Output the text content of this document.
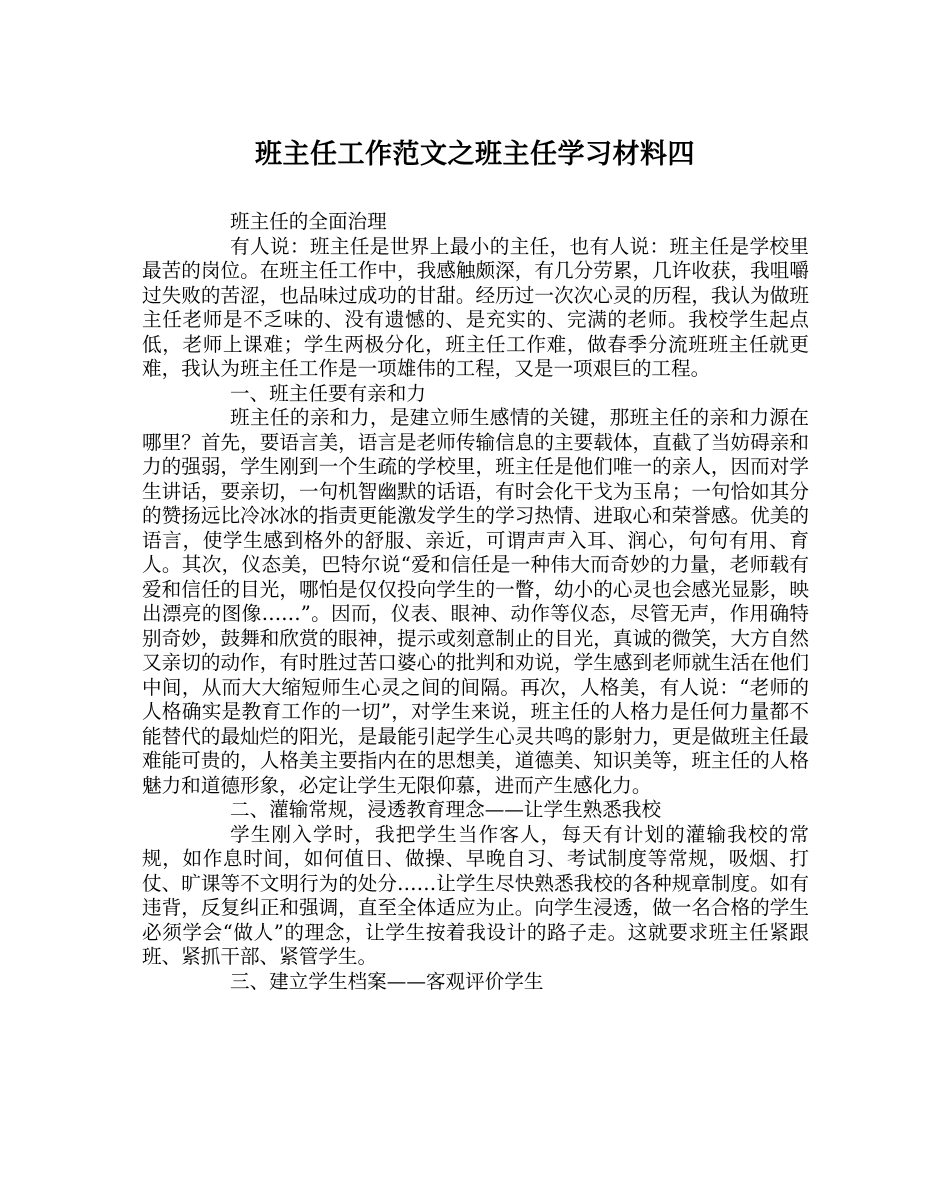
班主任工作范文之班主任学习材料四
班主任的全面治理

有人说：班主任是世界上最小的主任，也有人说：班主任是学校里最苦的岗位。在班主任工作中，我感触颇深，有几分劳累，几许收获，我咀嚼过失败的苦涩，也品味过成功的甘甜。经历过一次次心灵的历程，我认为做班主任老师是不乏味的、没有遗憾的、是充实的、完满的老师。我校学生起点低，老师上课难；学生两极分化，班主任工作难，做春季分流班班主任就更难，我认为班主任工作是一项雄伟的工程，又是一项艰巨的工程。

一、班主任要有亲和力

班主任的亲和力，是建立师生感情的关键，那班主任的亲和力源在哪里？首先，要语言美，语言是老师传输信息的主要载体，直截了当妨碍亲和力的强弱，学生刚到一个生疏的学校里，班主任是他们唯一的亲人，因而对学生讲话，要亲切，一句机智幽默的话语，有时会化干戈为玉帛；一句恰如其分的赞扬远比冷冰冰的指责更能激发学生的学习热情、进取心和荣誉感。优美的语言，使学生感到格外的舒服、亲近，可谓声声入耳、润心，句句有用、育人。其次，仪态美，巴特尔说“爱和信任是一种伟大而奇妙的力量，老师载有爱和信任的目光，哪怕是仅仅投向学生的一瞥，幼小的心灵也会感光显影，映出漂亮的图像……”。因而，仪表、眼神、动作等仪态，尽管无声，作用确特别奇妙，鼓舞和欣赏的眼神，提示或刻意制止的目光，真诚的微笑，大方自然又亲切的动作，有时胜过苦口婆心的批判和劝说，学生感到老师就生活在他们中间，从而大大缩短师生心灵之间的间隔。再次，人格美，有人说：“老师的人格确实是教育工作的一切”，对学生来说，班主任的人格力是任何力量都不能替代的最灿烂的阳光，是最能引起学生心灵共鸣的影射力，更是做班主任最难能可贵的，人格美主要指内在的思想美，道德美、知识美等，班主任的人格魅力和道德形象，必定让学生无限仰慕，进而产生感化力。

二、灌输常规，浸透教育理念——让学生熟悉我校

学生刚入学时，我把学生当作客人，每天有计划的灌输我校的常规，如作息时间，如何值日、做操、早晚自习、考试制度等常规，吸烟、打仗、旷课等不文明行为的处分……让学生尽快熟悉我校的各种规章制度。如有违背，反复纠正和强调，直至全体适应为止。向学生浸透，做一名合格的学生必须学会“做人”的理念，让学生按着我设计的路子走。这就要求班主任紧跟班、紧抓干部、紧管学生。

三、建立学生档案——客观评价学生
